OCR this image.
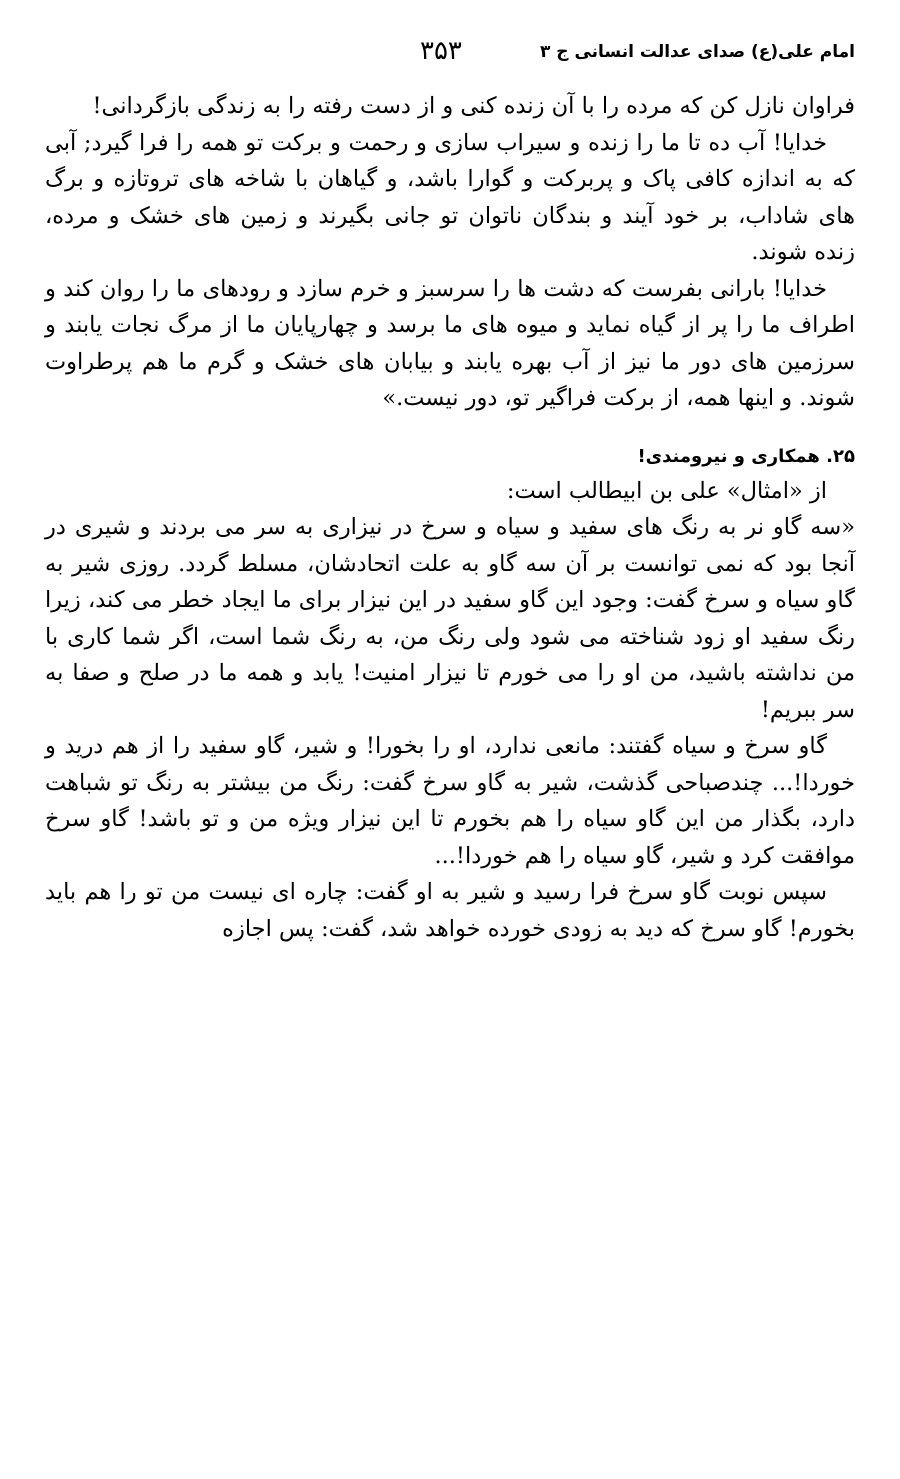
امام علی(ع) صدای عدالت انسانی ج ۳
۳۵۳

فراوان نازل کن که مرده را با آن زنده کنی و از دست رفته را به زندگی بازگردانی!

خدایا! آب ده تا ما را زنده و سیراب سازی و رحمت و برکت تو همه را فرا گیرد; آبی که به اندازه کافی پاک و پربرکت و گوارا باشد، و گیاهان با شاخه های تروتازه و برگ های شاداب، بر خود آیند و بندگان ناتوان تو جانی بگیرند و زمین های خشک و مرده، زنده شوند.

خدایا! بارانی بفرست که دشت ها را سرسبز و خرم سازد و رودهای ما را روان کند و اطراف ما را پر از گیاه نماید و میوه های ما برسد و چهارپایان ما از مرگ نجات یابند و سرزمین های دور ما نیز از آب بهره یابند و بیابان های خشک و گرم ما هم پرطراوت شوند. و اینها همه، از برکت فراگیر تو، دور نیست.»

۲۵. همکاری و نیرومندی!

از «امثال» علی بن ابیطالب است:

«سه گاو نر به رنگ های سفید و سیاه و سرخ در نیزاری به سر می بردند و شیری در آنجا بود که نمی توانست بر آن سه گاو به علت اتحادشان، مسلط گردد. روزی شیر به گاو سیاه و سرخ گفت: وجود این گاو سفید در این نیزار برای ما ایجاد خطر می کند، زیرا رنگ سفید او زود شناخته می شود ولی رنگ من، به رنگ شما است، اگر شما کاری با من نداشته باشید، من او را می خورم تا نیزار امنیت! یابد و همه ما در صلح و صفا به سر ببریم!

گاو سرخ و سیاه گفتند: مانعی ندارد، او را بخورا! و شیر، گاو سفید را از هم درید و خوردا!... چندصباحی گذشت، شیر به گاو سرخ گفت: رنگ من بیشتر به رنگ تو شباهت دارد، بگذار من این گاو سیاه را هم بخورم تا این نیزار ویژه من و تو باشد! گاو سرخ موافقت کرد و شیر، گاو سیاه را هم خوردا!...

سپس نوبت گاو سرخ فرا رسید و شیر به او گفت: چاره ای نیست من تو را هم باید بخورم! گاو سرخ که دید به زودی خورده خواهد شد، گفت: پس اجازه
